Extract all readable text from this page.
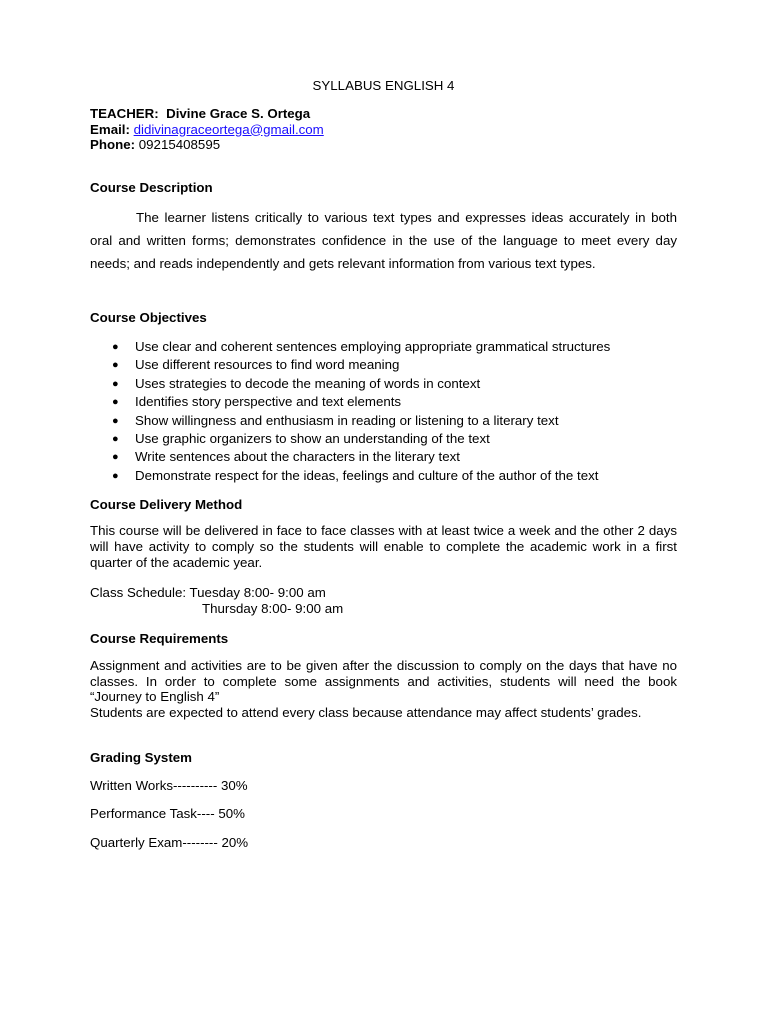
SYLLABUS ENGLISH 4
TEACHER: Divine Grace S. Ortega
Email: didivinagraceortega@gmail.com
Phone: 09215408595
Course Description
The learner listens critically to various text types and expresses ideas accurately in both oral and written forms; demonstrates confidence in the use of the language to meet every day needs; and reads independently and gets relevant information from various text types.
Course Objectives
● Use clear and coherent sentences employing appropriate grammatical structures
● Use different resources to find word meaning
● Uses strategies to decode the meaning of words in context
● Identifies story perspective and text elements
● Show willingness and enthusiasm in reading or listening to a literary text
● Use graphic organizers to show an understanding of the text
● Write sentences about the characters in the literary text
● Demonstrate respect for the ideas, feelings and culture of the author of the text
Course Delivery Method
This course will be delivered in face to face classes with at least twice a week and the other 2 days will have activity to comply so the students will enable to complete the academic work in a first quarter of the academic year.
Class Schedule: Tuesday 8:00- 9:00 am
Thursday 8:00- 9:00 am
Course Requirements
Assignment and activities are to be given after the discussion to comply on the days that have no classes. In order to complete some assignments and activities, students will need the book “Journey to English 4”
Students are expected to attend every class because attendance may affect students’ grades.
Grading System
Written Works---------- 30%
Performance Task---- 50%
Quarterly Exam-------- 20%
